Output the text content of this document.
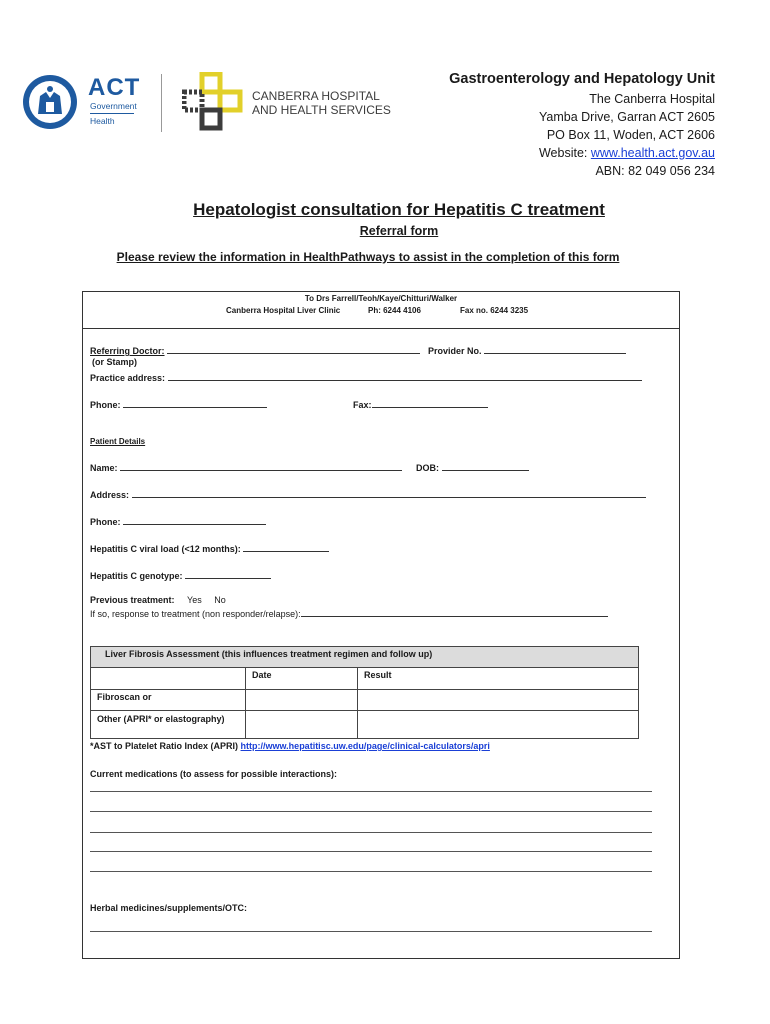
ACT
Government
Health
CANBERRA HOSPITAL
AND HEALTH SERVICES
Gastroenterology and Hepatology Unit
The Canberra Hospital
Yamba Drive, Garran ACT 2605
PO Box 11, Woden, ACT 2606
Website: www.health.act.gov.au
ABN: 82 049 056 234
Hepatologist consultation for Hepatitis C treatment
Referral form
Please review the information in HealthPathways to assist in the completion of this form
To Drs Farrell/Teoh/Kaye/Chitturi/Walker
Canberra Hospital Liver Clinic	Ph: 6244 4106	Fax no. 6244 3235
Referring Doctor:	Provider No.
(or Stamp)
Practice address:
Phone:	Fax:
Patient Details
Name:	DOB:
Address:
Phone:
Hepatitis C viral load (<12 months):
Hepatitis C genotype:
Previous treatment: Yes No
If so, response to treatment (non responder/relapse):
Liver Fibrosis Assessment (this influences treatment regimen and follow up)		
	Date	Result
Fibroscan or		
Other (APRI* or elastography)		
*AST to Platelet Ratio Index (APRI) http://www.hepatitisc.uw.edu/page/clinical-calculators/apri
Current medications (to assess for possible interactions):
Herbal medicines/supplements/OTC:
